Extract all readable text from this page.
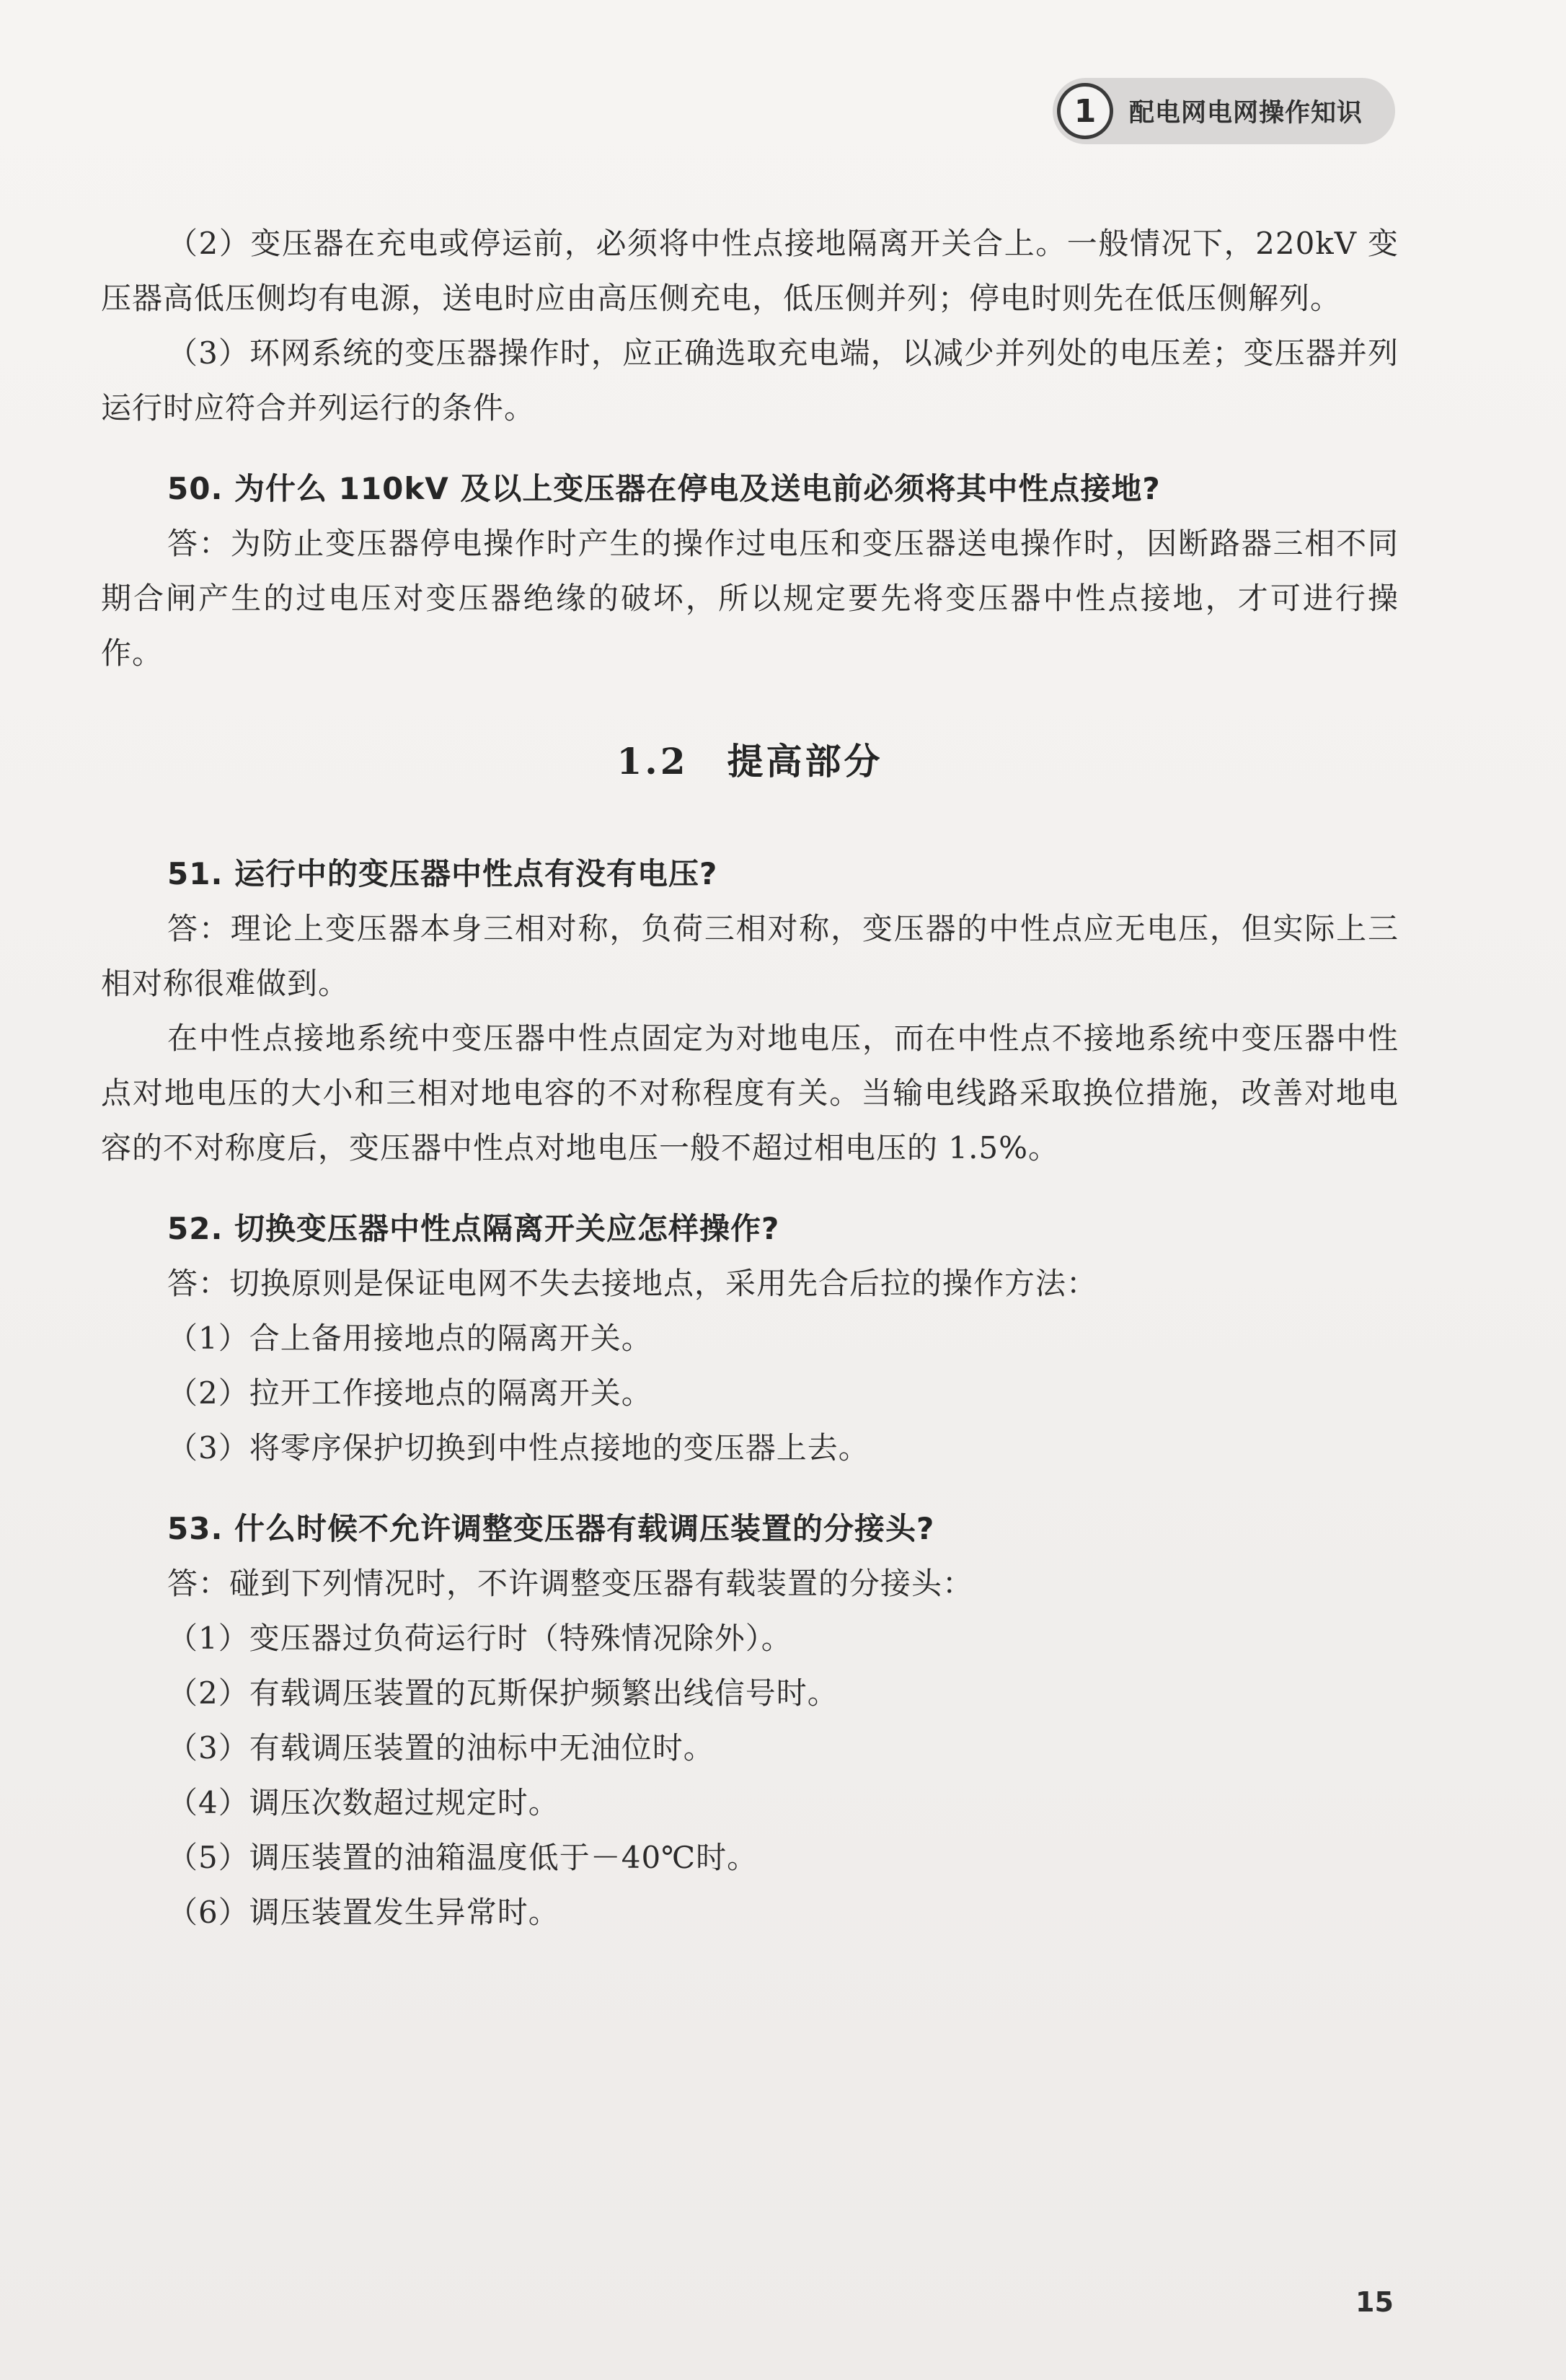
1	配电网电网操作知识

（2）变压器在充电或停运前，必须将中性点接地隔离开关合上。一般情况下，220kV 变压器高低压侧均有电源，送电时应由高压侧充电，低压侧并列；停电时则先在低压侧解列。

（3）环网系统的变压器操作时，应正确选取充电端，以减少并列处的电压差；变压器并列运行时应符合并列运行的条件。

50. 为什么 110kV 及以上变压器在停电及送电前必须将其中性点接地?

答：为防止变压器停电操作时产生的操作过电压和变压器送电操作时，因断路器三相不同期合闸产生的过电压对变压器绝缘的破坏，所以规定要先将变压器中性点接地，才可进行操作。

1.2　提高部分

51. 运行中的变压器中性点有没有电压?

答：理论上变压器本身三相对称，负荷三相对称，变压器的中性点应无电压，但实际上三相对称很难做到。

在中性点接地系统中变压器中性点固定为对地电压，而在中性点不接地系统中变压器中性点对地电压的大小和三相对地电容的不对称程度有关。当输电线路采取换位措施，改善对地电容的不对称度后，变压器中性点对地电压一般不超过相电压的 1.5%。

52. 切换变压器中性点隔离开关应怎样操作?

答：切换原则是保证电网不失去接地点，采用先合后拉的操作方法：

（1）合上备用接地点的隔离开关。

（2）拉开工作接地点的隔离开关。

（3）将零序保护切换到中性点接地的变压器上去。

53. 什么时候不允许调整变压器有载调压装置的分接头?

答：碰到下列情况时，不许调整变压器有载装置的分接头：

（1）变压器过负荷运行时（特殊情况除外）。

（2）有载调压装置的瓦斯保护频繁出线信号时。

（3）有载调压装置的油标中无油位时。

（4）调压次数超过规定时。

（5）调压装置的油箱温度低于－40℃时。

（6）调压装置发生异常时。

15
